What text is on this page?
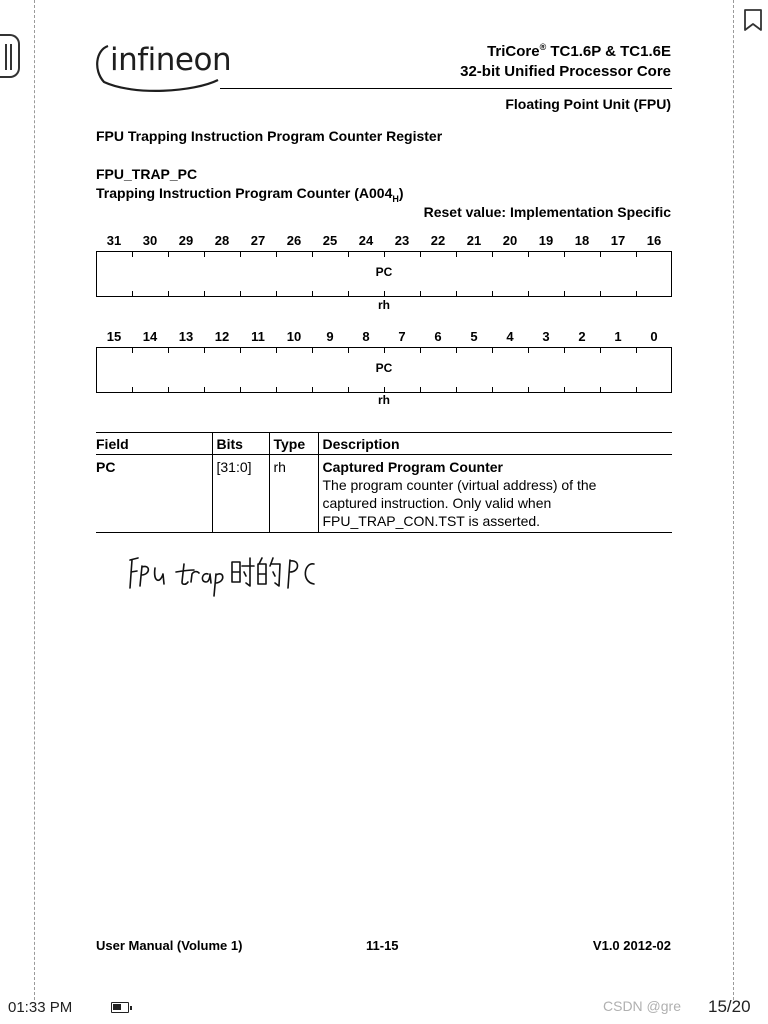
infineon	TriCore® TC1.6P & TC1.6E
32-bit Unified Processor Core
Floating Point Unit (FPU)
FPU Trapping Instruction Program Counter Register
FPU_TRAP_PC
Trapping Instruction Program Counter $(A004_H)$
Reset value: Implementation Specific
31	30	29	28	27	26	25	24	23	22	21	20	19	18	17	16
PC
rh
15	14	13	12	11	10	9	8	7	6	5	4	3	2	1	0
PC
rh
Field	Bits	Type	Description
PC	[31:0]	rh	Captured Program Counter
The program counter (virtual address) of the
captured instruction. Only valid when
FPU_TRAP_CON.TST is asserted.
User Manual (Volume 1)	11-15	V1.0 2012-02
01:33 PM	CSDN @gre 15/20
